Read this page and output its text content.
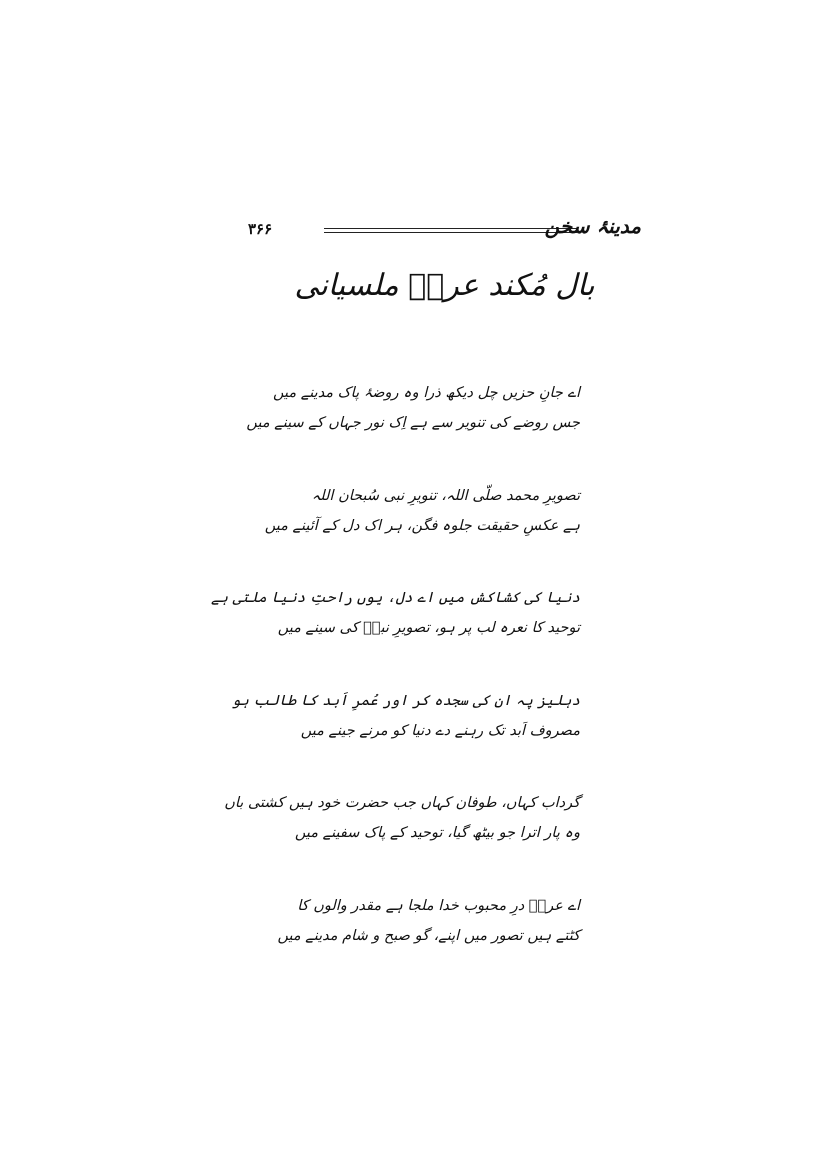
۳۶۶	مدینۂ سخن
بال مُکند عرشؔ ملسیانی
اے جانِ حزیں چل دیکھ ذرا وہ روضۂ پاک مدینے میں
جس روضے کی تنویر سے ہے اِک نور جہاں کے سینے میں
تصویرِ محمد صلّی اللہ، تنویرِ نبی سُبحان اللہ
ہے عکسِ حقیقت جلوہ فگن، ہر اک دل کے آئینے میں
دنیا کی کشاکش میں اے دل، یوں راحتِ دنیا ملتی ہے
توحید کا نعرہ لب پر ہو، تصویرِ نبیؐ کی سینے میں
دہلیز پہ ان کی سجدہ کر اور عُمرِ اَبد کا طالب ہو
مصروف اَبد تک رہنے دے دنیا کو مرنے جینے میں
گرداب کہاں، طوفان کہاں جب حضرت خود ہیں کشتی باں
وہ پار اترا جو بیٹھ گیا، توحید کے پاک سفینے میں
اے عرشؔ درِ محبوب خدا ملجا ہے مقدر والوں کا
کٹتے ہیں تصور میں اپنے، گو صبح و شام مدینے میں
